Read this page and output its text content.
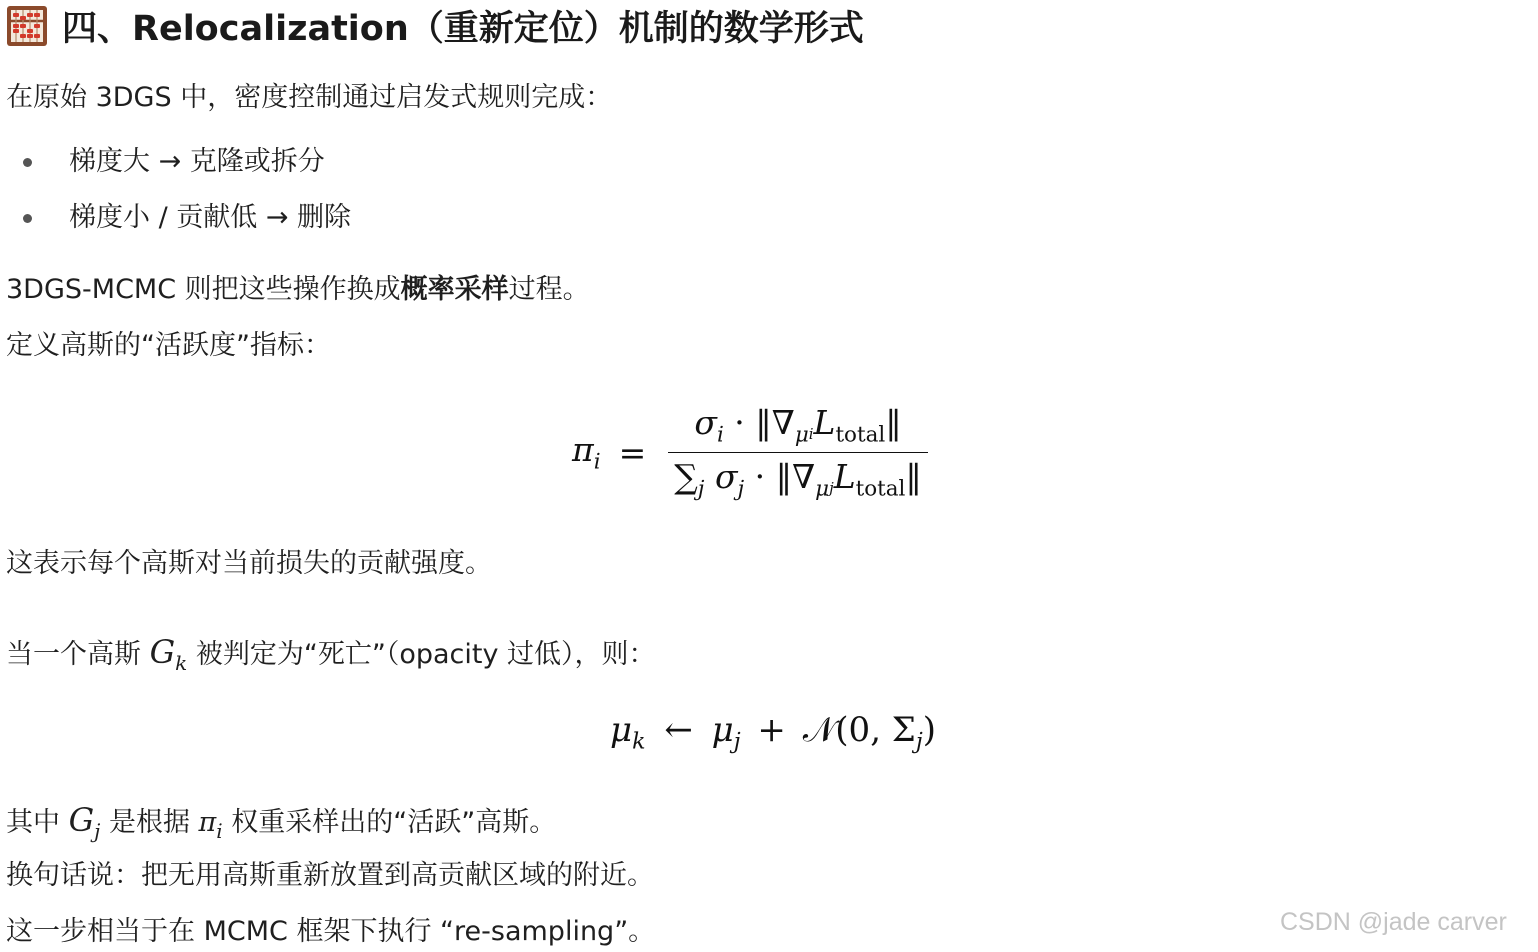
四、Relocalization（重新定位）机制的数学形式
在原始 3DGS 中，密度控制通过启发式规则完成：
梯度大 → 克隆或拆分
梯度小 / 贡献低 → 删除
3DGS-MCMC 则把这些操作换成概率采样过程。
定义高斯的“活跃度”指标：
$\pi_i = \frac{\sigma_i \cdot ‖\nabla_{\mu i}L_{total}‖}{\sum_j \sigma_j \cdot ‖\nabla_{\mu j}L_{total}‖}$
这表示每个高斯对当前损失的贡献强度。
当一个高斯 $G_k$ 被判定为“死亡”（opacity 过低），则：
$\mu_k$ ← $\mu_j$ + 𝒩(0, $\Sigma_j$)
其中 $G_j$ 是根据 $\pi_i$ 权重采样出的“活跃”高斯。
换句话说：把无用高斯重新放置到高贡献区域的附近。
这一步相当于在 MCMC 框架下执行 “re-sampling”。	CSDN @jade carver
